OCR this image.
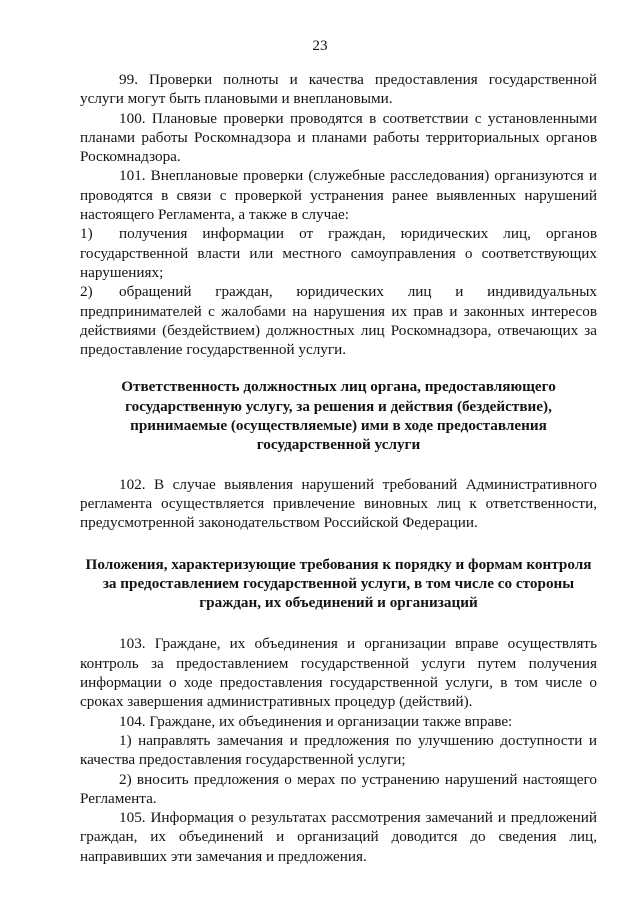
23

99. Проверки полноты и качества предоставления государственной услуги могут быть плановыми и внеплановыми.

100. Плановые проверки проводятся в соответствии с установленными планами работы Роскомнадзора и планами работы территориальных органов Роскомнадзора.

101. Внеплановые проверки (служебные расследования) организуются и проводятся в связи с проверкой устранения ранее выявленных нарушений настоящего Регламента, а также в случае:

1) получения информации от граждан, юридических лиц, органов государственной власти или местного самоуправления о соответствующих нарушениях;

2) обращений граждан, юридических лиц и индивидуальных предпринимателей с жалобами на нарушения их прав и законных интересов действиями (бездействием) должностных лиц Роскомнадзора, отвечающих за предоставление государственной услуги.

Ответственность должностных лиц органа, предоставляющего государственную услугу, за решения и действия (бездействие), принимаемые (осуществляемые) ими в ходе предоставления государственной услуги

102. В случае выявления нарушений требований Административного регламента осуществляется привлечение виновных лиц к ответственности, предусмотренной законодательством Российской Федерации.

Положения, характеризующие требования к порядку и формам контроля за предоставлением государственной услуги, в том числе со стороны граждан, их объединений и организаций

103. Граждане, их объединения и организации вправе осуществлять контроль за предоставлением государственной услуги путем получения информации о ходе предоставления государственной услуги, в том числе о сроках завершения административных процедур (действий).

104. Граждане, их объединения и организации также вправе:

1) направлять замечания и предложения по улучшению доступности и качества предоставления государственной услуги;

2) вносить предложения о мерах по устранению нарушений настоящего Регламента.

105. Информация о результатах рассмотрения замечаний и предложений граждан, их объединений и организаций доводится до сведения лиц, направивших эти замечания и предложения.
